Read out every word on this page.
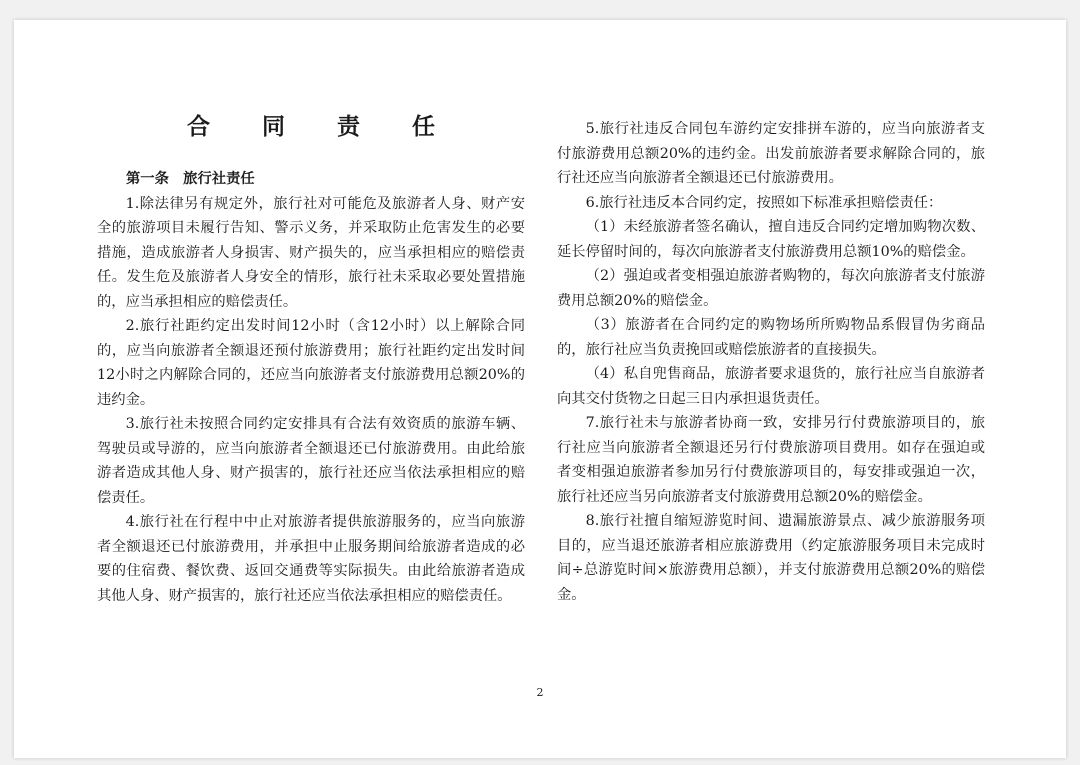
合同责任

第一条　旅行社责任

1.除法律另有规定外，旅行社对可能危及旅游者人身、财产安全的旅游项目未履行告知、警示义务，并采取防止危害发生的必要措施，造成旅游者人身损害、财产损失的，应当承担相应的赔偿责任。发生危及旅游者人身安全的情形，旅行社未采取必要处置措施的，应当承担相应的赔偿责任。

2.旅行社距约定出发时间12小时（含12小时）以上解除合同的，应当向旅游者全额退还预付旅游费用；旅行社距约定出发时间12小时之内解除合同的，还应当向旅游者支付旅游费用总额20%的违约金。

3.旅行社未按照合同约定安排具有合法有效资质的旅游车辆、驾驶员或导游的，应当向旅游者全额退还已付旅游费用。由此给旅游者造成其他人身、财产损害的，旅行社还应当依法承担相应的赔偿责任。

4.旅行社在行程中中止对旅游者提供旅游服务的，应当向旅游者全额退还已付旅游费用，并承担中止服务期间给旅游者造成的必要的住宿费、餐饮费、返回交通费等实际损失。由此给旅游者造成其他人身、财产损害的，旅行社还应当依法承担相应的赔偿责任。

5.旅行社违反合同包车游约定安排拼车游的，应当向旅游者支付旅游费用总额20%的违约金。出发前旅游者要求解除合同的，旅行社还应当向旅游者全额退还已付旅游费用。

6.旅行社违反本合同约定，按照如下标准承担赔偿责任：

（1）未经旅游者签名确认，擅自违反合同约定增加购物次数、延长停留时间的，每次向旅游者支付旅游费用总额10%的赔偿金。

（2）强迫或者变相强迫旅游者购物的，每次向旅游者支付旅游费用总额20%的赔偿金。

（3）旅游者在合同约定的购物场所所购物品系假冒伪劣商品的，旅行社应当负责挽回或赔偿旅游者的直接损失。

（4）私自兜售商品，旅游者要求退货的，旅行社应当自旅游者向其交付货物之日起三日内承担退货责任。

7.旅行社未与旅游者协商一致，安排另行付费旅游项目的，旅行社应当向旅游者全额退还另行付费旅游项目费用。如存在强迫或者变相强迫旅游者参加另行付费旅游项目的，每安排或强迫一次，旅行社还应当另向旅游者支付旅游费用总额20%的赔偿金。

8.旅行社擅自缩短游览时间、遗漏旅游景点、减少旅游服务项目的，应当退还旅游者相应旅游费用（约定旅游服务项目未完成时间÷总游览时间×旅游费用总额），并支付旅游费用总额20%的赔偿金。

2
